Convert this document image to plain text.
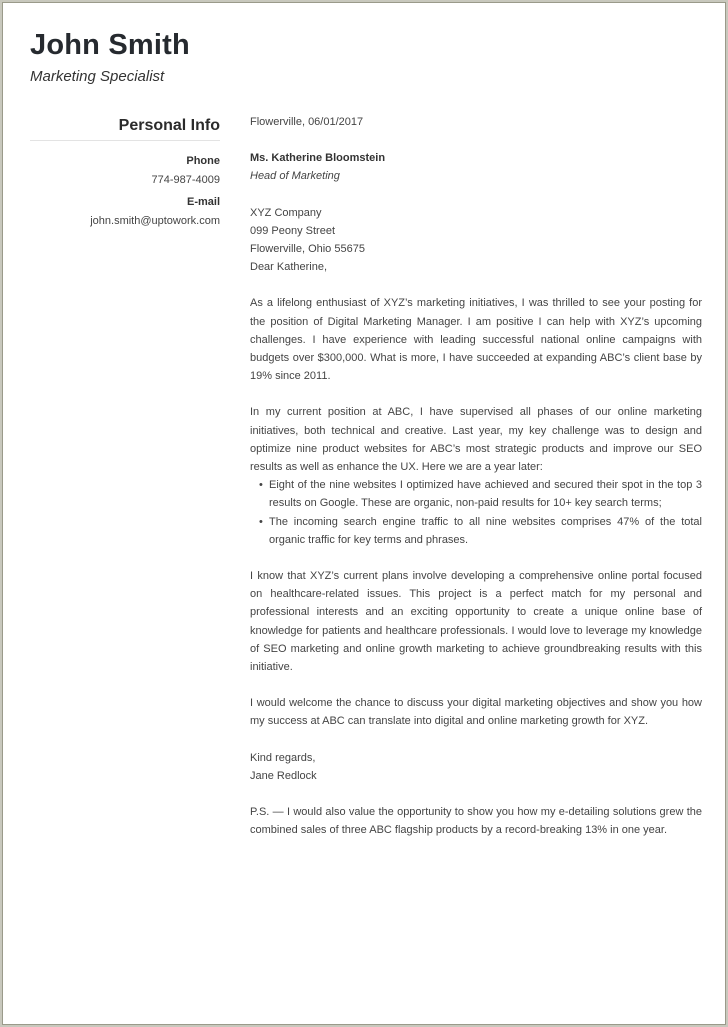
John Smith
Marketing Specialist
Personal Info
Phone
774-987-4009
E-mail
john.smith@uptowork.com

Flowerville, 06/01/2017

Ms. Katherine Bloomstein

Head of Marketing

XYZ Company

099 Peony Street

Flowerville, Ohio 55675

Dear Katherine,

As a lifelong enthusiast of XYZ’s marketing initiatives, I was thrilled to see your posting for the position of Digital Marketing Manager. I am positive I can help with XYZ’s upcoming challenges. I have experience with leading successful national online campaigns with budgets over $300,000. What is more, I have succeeded at expanding ABC’s client base by 19% since 2011.

In my current position at ABC, I have supervised all phases of our online marketing initiatives, both technical and creative. Last year, my key challenge was to design and optimize nine product websites for ABC’s most strategic products and improve our SEO results as well as enhance the UX. Here we are a year later:

• Eight of the nine websites I optimized have achieved and secured their spot in the top 3 results on Google. These are organic, non-paid results for 10+ key search terms;
• The incoming search engine traffic to all nine websites comprises 47% of the total organic traffic for key terms and phrases.

I know that XYZ’s current plans involve developing a comprehensive online portal focused on healthcare-related issues. This project is a perfect match for my personal and professional interests and an exciting opportunity to create a unique online base of knowledge for patients and healthcare professionals. I would love to leverage my knowledge of SEO marketing and online growth marketing to achieve groundbreaking results with this initiative.

I would welcome the chance to discuss your digital marketing objectives and show you how my success at ABC can translate into digital and online marketing growth for XYZ.

Kind regards,

Jane Redlock

P.S. — I would also value the opportunity to show you how my e-detailing solutions grew the combined sales of three ABC flagship products by a record-breaking 13% in one year.
